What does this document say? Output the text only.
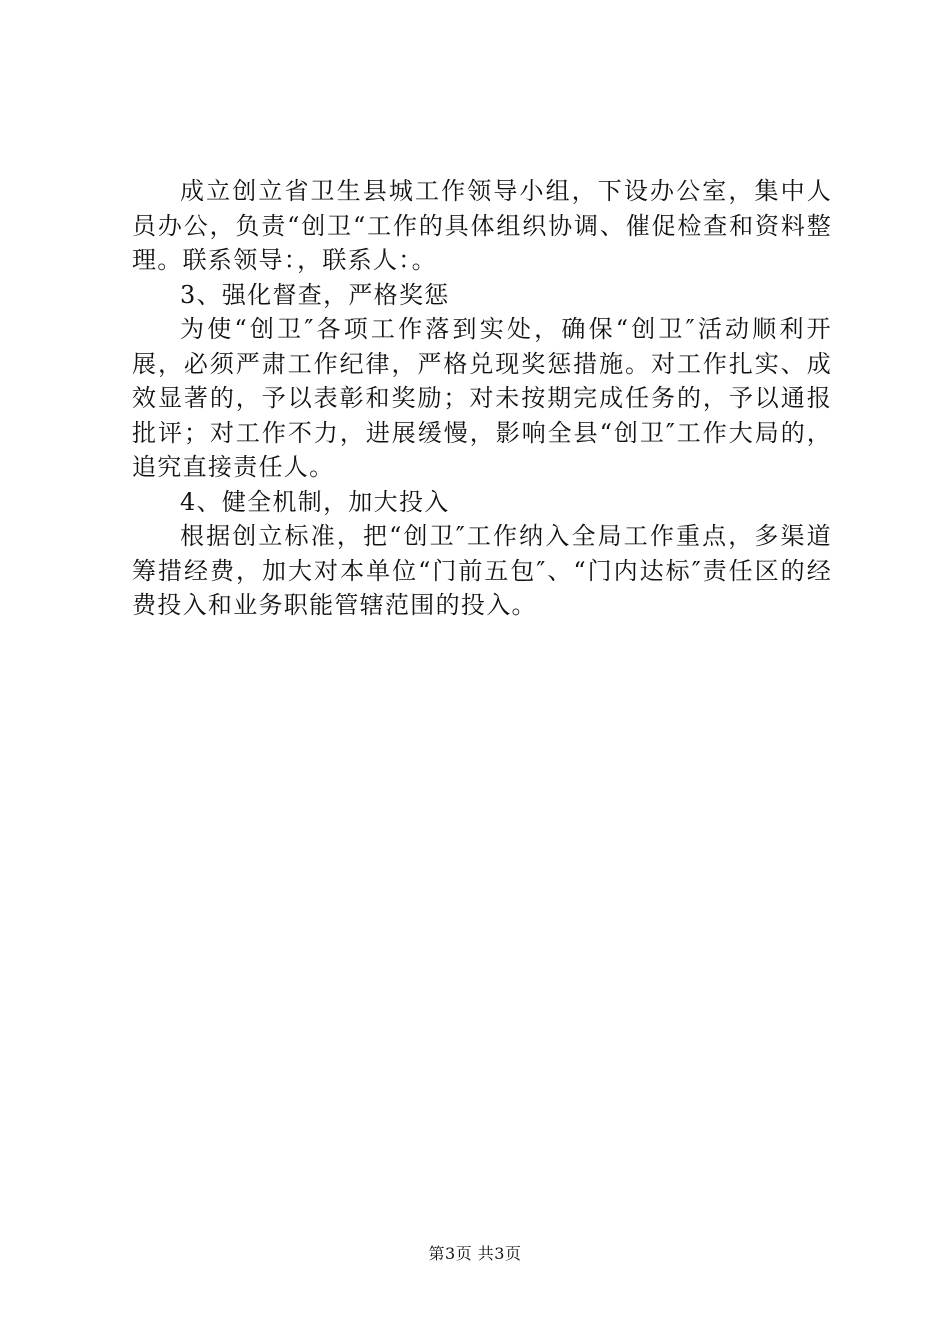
成立创立省卫生县城工作领导小组，下设办公室，集中人员办公，负责“创卫“工作的具体组织协调、催促检查和资料整理。联系领导：，联系人：。

3、强化督查，严格奖惩

为使“创卫″各项工作落到实处，确保“创卫″活动顺利开展，必须严肃工作纪律，严格兑现奖惩措施。对工作扎实、成效显著的，予以表彰和奖励；对未按期完成任务的，予以通报批评；对工作不力，进展缓慢，影响全县“创卫″工作大局的，追究直接责任人。

4、健全机制，加大投入

根据创立标准，把“创卫″工作纳入全局工作重点，多渠道筹措经费，加大对本单位“门前五包″、“门内达标″责任区的经费投入和业务职能管辖范围的投入。

第3页 共3页
